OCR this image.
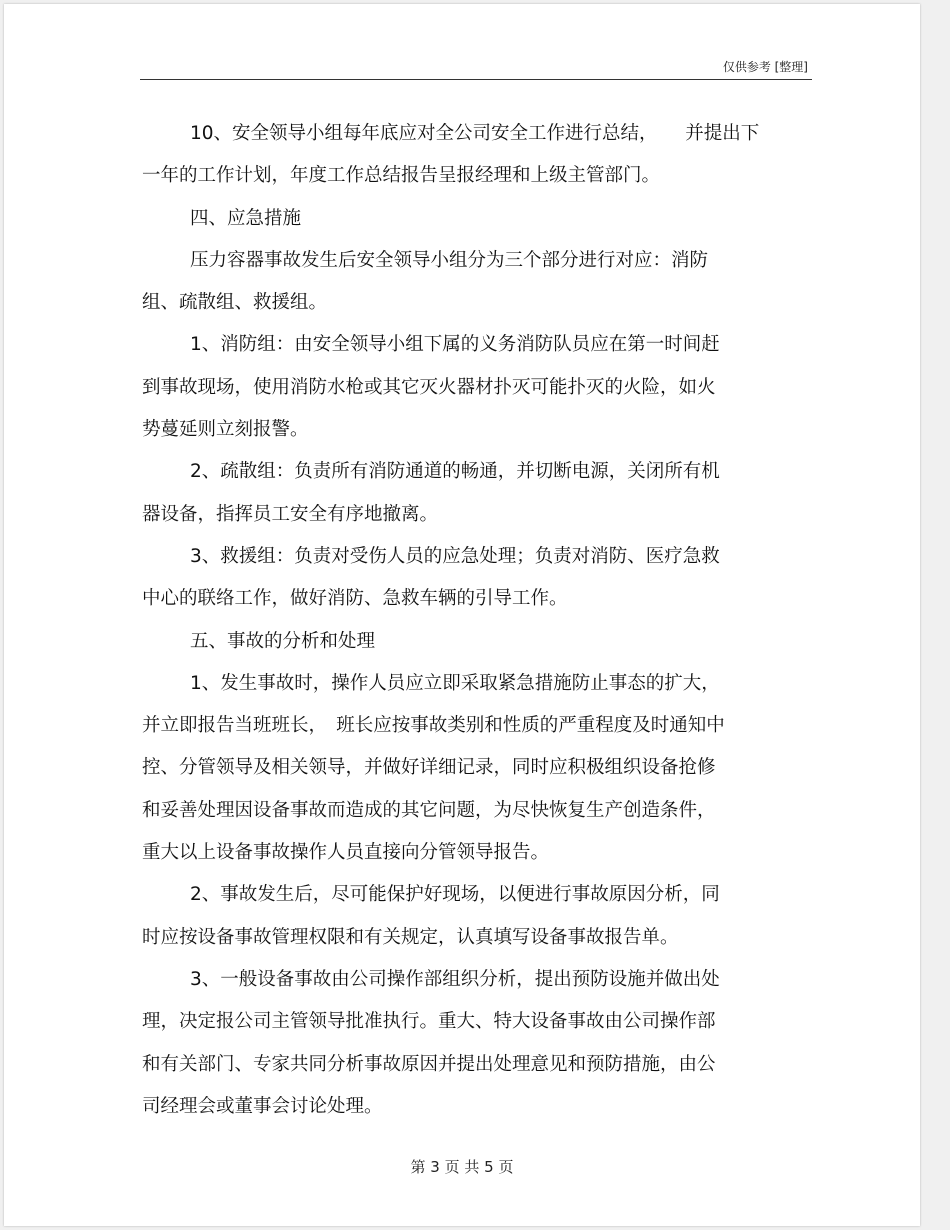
仅供参考 [整理]
10、安全领导小组每年底应对全公司安全工作进行总结，　　并提出下
一年的工作计划，年度工作总结报告呈报经理和上级主管部门。
四、应急措施
压力容器事故发生后安全领导小组分为三个部分进行对应：消防
组、疏散组、救援组。
1、消防组：由安全领导小组下属的义务消防队员应在第一时间赶
到事故现场，使用消防水枪或其它灭火器材扑灭可能扑灭的火险，如火
势蔓延则立刻报警。
2、疏散组：负责所有消防通道的畅通，并切断电源，关闭所有机
器设备，指挥员工安全有序地撤离。
3、救援组：负责对受伤人员的应急处理；负责对消防、医疗急救
中心的联络工作，做好消防、急救车辆的引导工作。
五、事故的分析和处理
1、发生事故时，操作人员应立即采取紧急措施防止事态的扩大，
并立即报告当班班长，　班长应按事故类别和性质的严重程度及时通知中
控、分管领导及相关领导，并做好详细记录，同时应积极组织设备抢修
和妥善处理因设备事故而造成的其它问题，为尽快恢复生产创造条件，
重大以上设备事故操作人员直接向分管领导报告。
2、事故发生后，尽可能保护好现场，以便进行事故原因分析，同
时应按设备事故管理权限和有关规定，认真填写设备事故报告单。
3、一般设备事故由公司操作部组织分析，提出预防设施并做出处
理，决定报公司主管领导批准执行。重大、特大设备事故由公司操作部
和有关部门、专家共同分析事故原因并提出处理意见和预防措施，由公
司经理会或董事会讨论处理。
第 3 页 共 5 页
